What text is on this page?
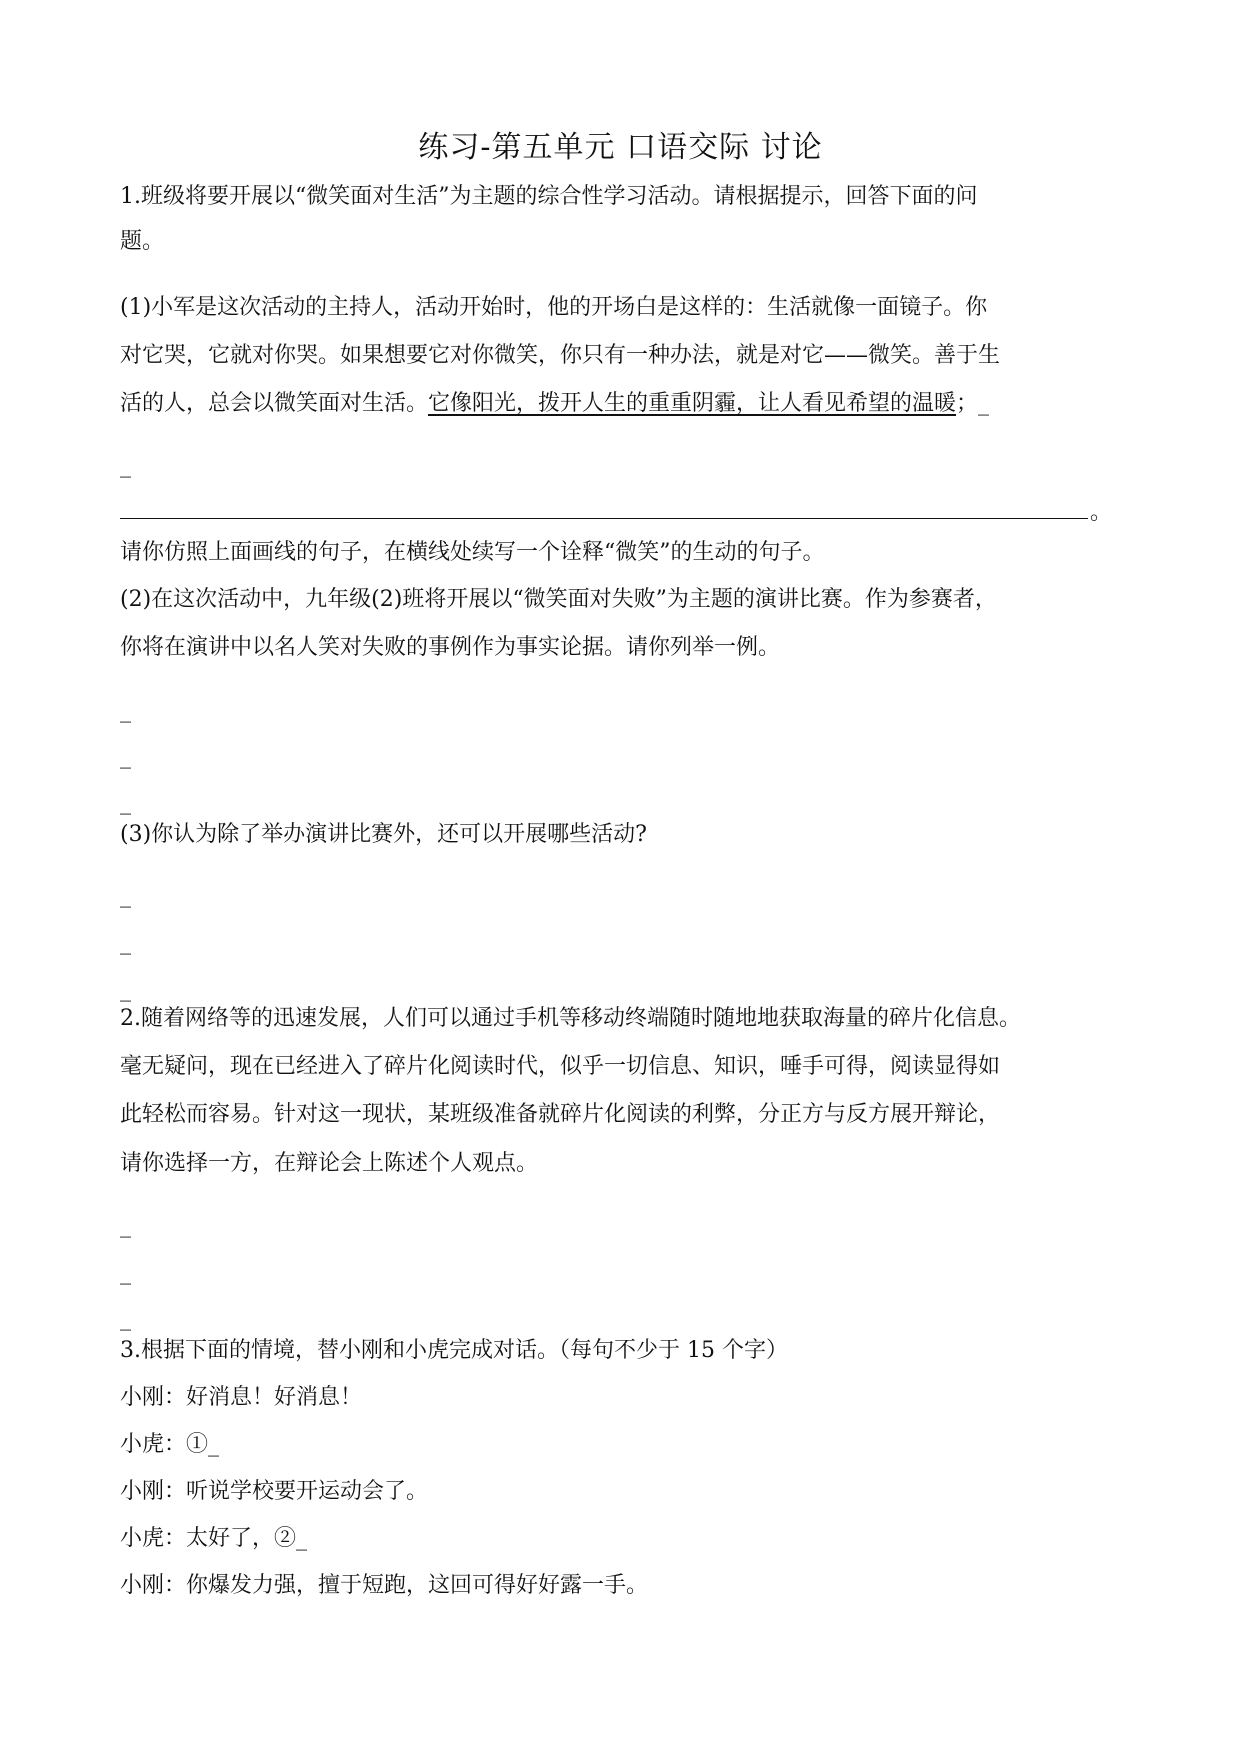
练习-第五单元 口语交际 讨论
1.班级将要开展以“微笑面对生活”为主题的综合性学习活动。请根据提示，回答下面的问
题。
(1)小军是这次活动的主持人，活动开始时，他的开场白是这样的：生活就像一面镜子。你
对它哭，它就对你哭。如果想要它对你微笑，你只有一种办法，就是对它——微笑。善于生
活的人，总会以微笑面对生活。它像阳光，拨开人生的重重阴霾，让人看见希望的温暖；_
_
。
请你仿照上面画线的句子，在横线处续写一个诠释“微笑”的生动的句子。
(2)在这次活动中，九年级(2)班将开展以“微笑面对失败”为主题的演讲比赛。作为参赛者，
你将在演讲中以名人笑对失败的事例作为事实论据。请你列举一例。
_
_
_
(3)你认为除了举办演讲比赛外，还可以开展哪些活动?
_
_
_
2.随着网络等的迅速发展，人们可以通过手机等移动终端随时随地地获取海量的碎片化信息。
毫无疑问，现在已经进入了碎片化阅读时代，似乎一切信息、知识，唾手可得，阅读显得如
此轻松而容易。针对这一现状，某班级准备就碎片化阅读的利弊，分正方与反方展开辩论，
请你选择一方，在辩论会上陈述个人观点。
_
_
_
3.根据下面的情境，替小刚和小虎完成对话。（每句不少于 15 个字）
小刚：好消息！好消息！
小虎：①_
小刚：听说学校要开运动会了。
小虎：太好了，②_
小刚：你爆发力强，擅于短跑，这回可得好好露一手。
